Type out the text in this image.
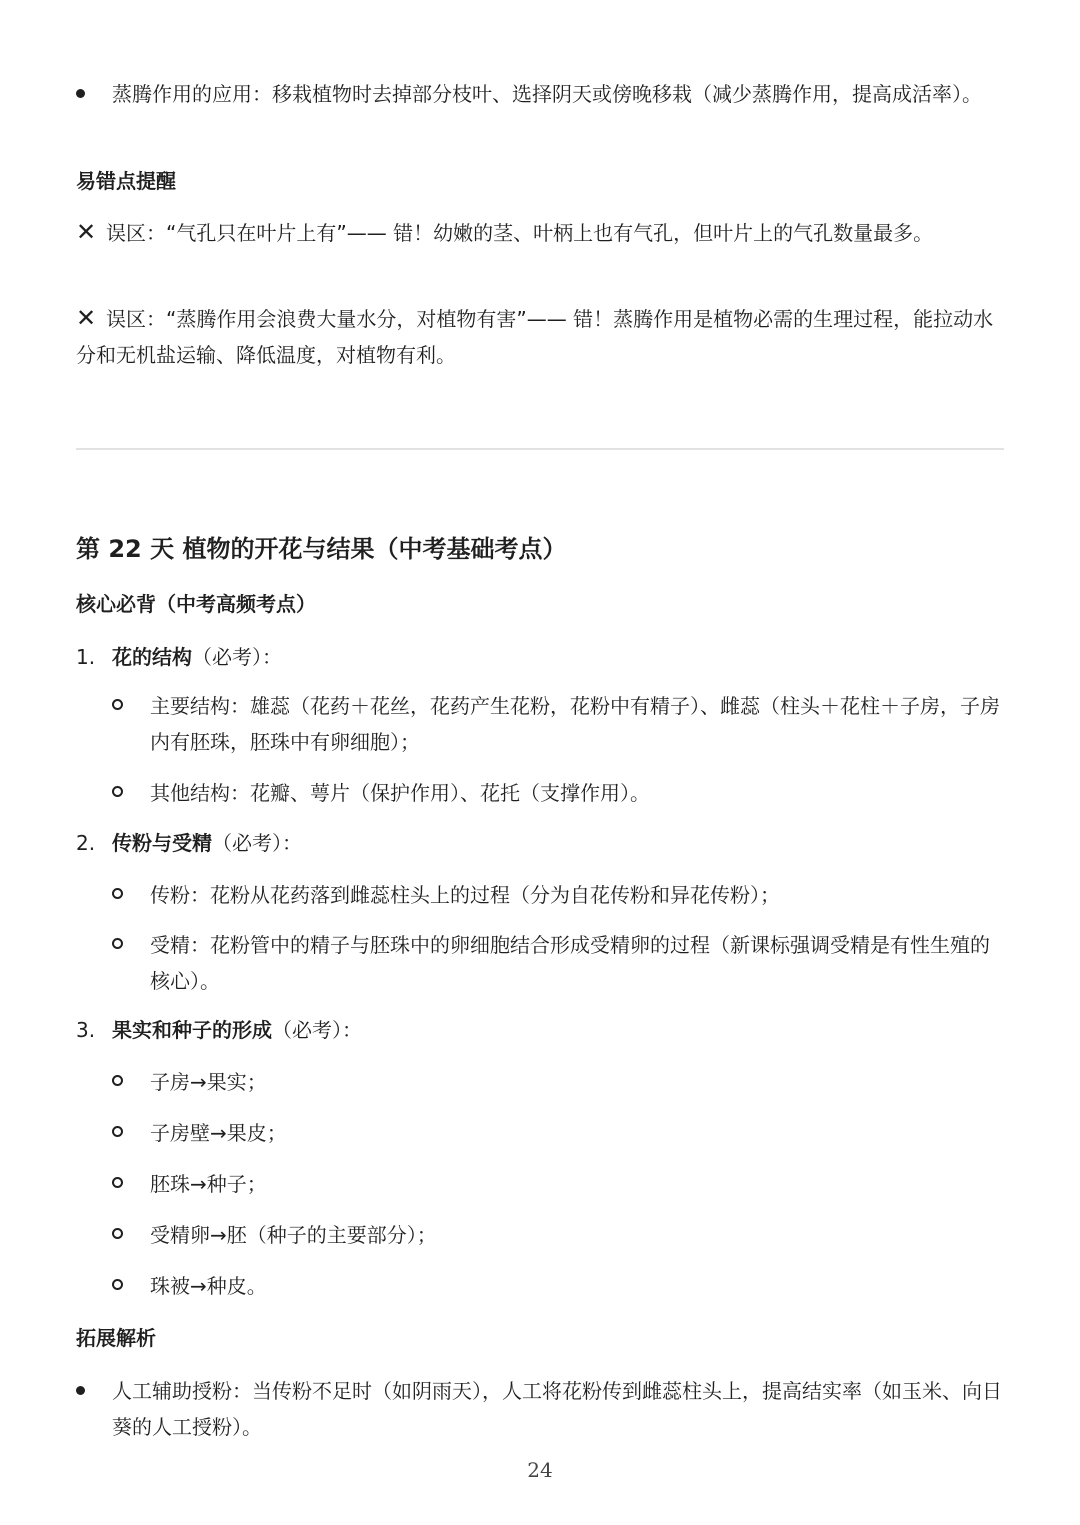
蒸腾作用的应用：移栽植物时去掉部分枝叶、选择阴天或傍晚移栽（减少蒸腾作用，提高成活率）。
易错点提醒

✕ 误区：“气孔只在叶片上有”—— 错！幼嫩的茎、叶柄上也有气孔，但叶片上的气孔数量最多。

✕ 误区：“蒸腾作用会浪费大量水分，对植物有害”—— 错！蒸腾作用是植物必需的生理过程，能拉动水分和无机盐运输、降低温度，对植物有利。

第 22 天 植物的开花与结果（中考基础考点）
核心必背（中考高频考点）
1. 花的结构（必考）：
主要结构：雄蕊（花药＋花丝，花药产生花粉，花粉中有精子）、雌蕊（柱头＋花柱＋子房，子房内有胚珠，胚珠中有卵细胞）；
其他结构：花瓣、萼片（保护作用）、花托（支撑作用）。
2. 传粉与受精（必考）：
传粉：花粉从花药落到雌蕊柱头上的过程（分为自花传粉和异花传粉）；
受精：花粉管中的精子与胚珠中的卵细胞结合形成受精卵的过程（新课标强调受精是有性生殖的核心）。
3. 果实和种子的形成（必考）：
子房→果实；
子房壁→果皮；
胚珠→种子；
受精卵→胚（种子的主要部分）；
珠被→种皮。
拓展解析
人工辅助授粉：当传粉不足时（如阴雨天），人工将花粉传到雌蕊柱头上，提高结实率（如玉米、向日葵的人工授粉）。
24
